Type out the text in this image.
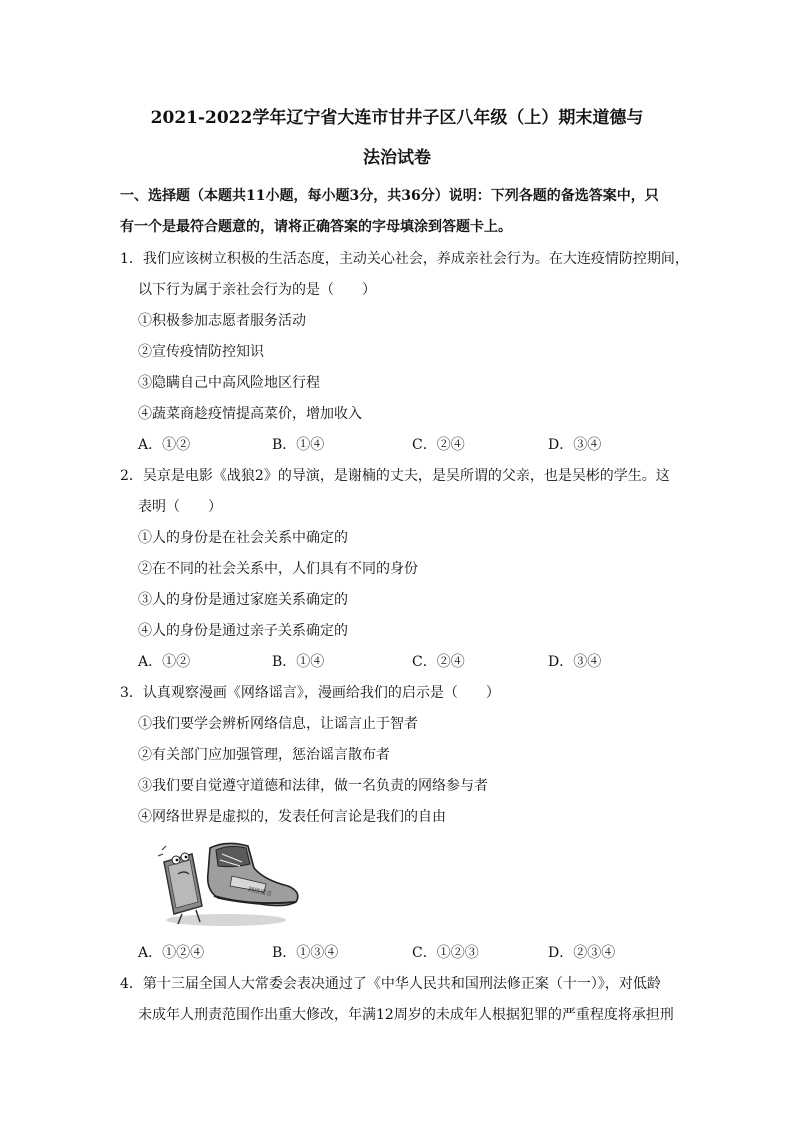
2021-2022学年辽宁省大连市甘井子区八年级（上）期末道德与
法治试卷
一、选择题（本题共11小题，每小题3分，共36分）说明：下列各题的备选答案中，只
有一个是最符合题意的，请将正确答案的字母填涂到答题卡上。
1．我们应该树立积极的生活态度，主动关心社会，养成亲社会行为。在大连疫情防控期间，
以下行为属于亲社会行为的是（　　）
①积极参加志愿者服务活动
②宣传疫情防控知识
③隐瞒自己中高风险地区行程
④蔬菜商趁疫情提高菜价，增加收入
A．①②	B．①④	C．②④	D．③④
2．吴京是电影《战狼2》的导演，是谢楠的丈夫，是吴所谓的父亲，也是吴彬的学生。这
表明（　　）
①人的身份是在社会关系中确定的
②在不同的社会关系中，人们具有不同的身份
③人的身份是通过家庭关系确定的
④人的身份是通过亲子关系确定的
A．①②	B．①④	C．②④	D．③④
3．认真观察漫画《网络谣言》，漫画给我们的启示是（　　）
①我们要学会辨析网络信息，让谣言止于智者
②有关部门应加强管理，惩治谣言散布者
③我们要自觉遵守道德和法律，做一名负责的网络参与者
④网络世界是虚拟的，发表任何言论是我们的自由
网络谣言
A．①②④	B．①③④	C．①②③	D．②③④
4．第十三届全国人大常委会表决通过了《中华人民共和国刑法修正案（十一）》，对低龄
未成年人刑责范围作出重大修改，年满12周岁的未成年人根据犯罪的严重程度将承担刑
